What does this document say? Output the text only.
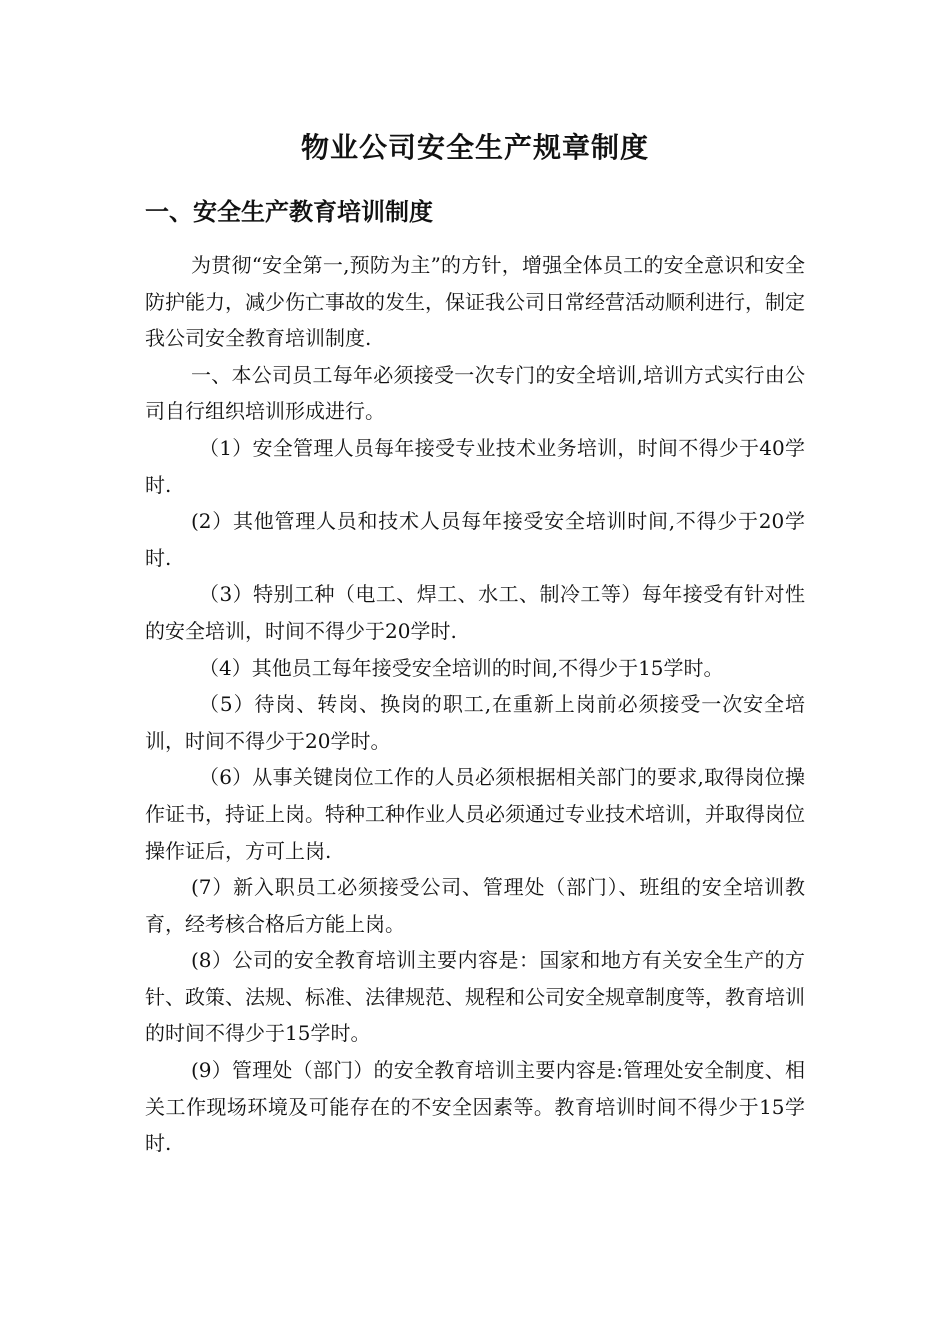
物业公司安全生产规章制度
一、安全生产教育培训制度

为贯彻“安全第一,预防为主”的方针，增强全体员工的安全意识和安全防护能力，减少伤亡事故的发生，保证我公司日常经营活动顺利进行，制定我公司安全教育培训制度.

一、本公司员工每年必须接受一次专门的安全培训,培训方式实行由公司自行组织培训形成进行。

（1）安全管理人员每年接受专业技术业务培训，时间不得少于40学时.

(2）其他管理人员和技术人员每年接受安全培训时间,不得少于20学时.

（3）特别工种（电工、焊工、水工、制冷工等）每年接受有针对性的安全培训，时间不得少于20学时.

（4）其他员工每年接受安全培训的时间,不得少于15学时。

（5）待岗、转岗、换岗的职工,在重新上岗前必须接受一次安全培训，时间不得少于20学时。

（6）从事关键岗位工作的人员必须根据相关部门的要求,取得岗位操作证书，持证上岗。特种工种作业人员必须通过专业技术培训，并取得岗位操作证后，方可上岗.

(7）新入职员工必须接受公司、管理处（部门）、班组的安全培训教育，经考核合格后方能上岗。

(8）公司的安全教育培训主要内容是：国家和地方有关安全生产的方针、政策、法规、标准、法律规范、规程和公司安全规章制度等，教育培训的时间不得少于15学时。

(9）管理处（部门）的安全教育培训主要内容是:管理处安全制度、相关工作现场环境及可能存在的不安全因素等。教育培训时间不得少于15学时.
